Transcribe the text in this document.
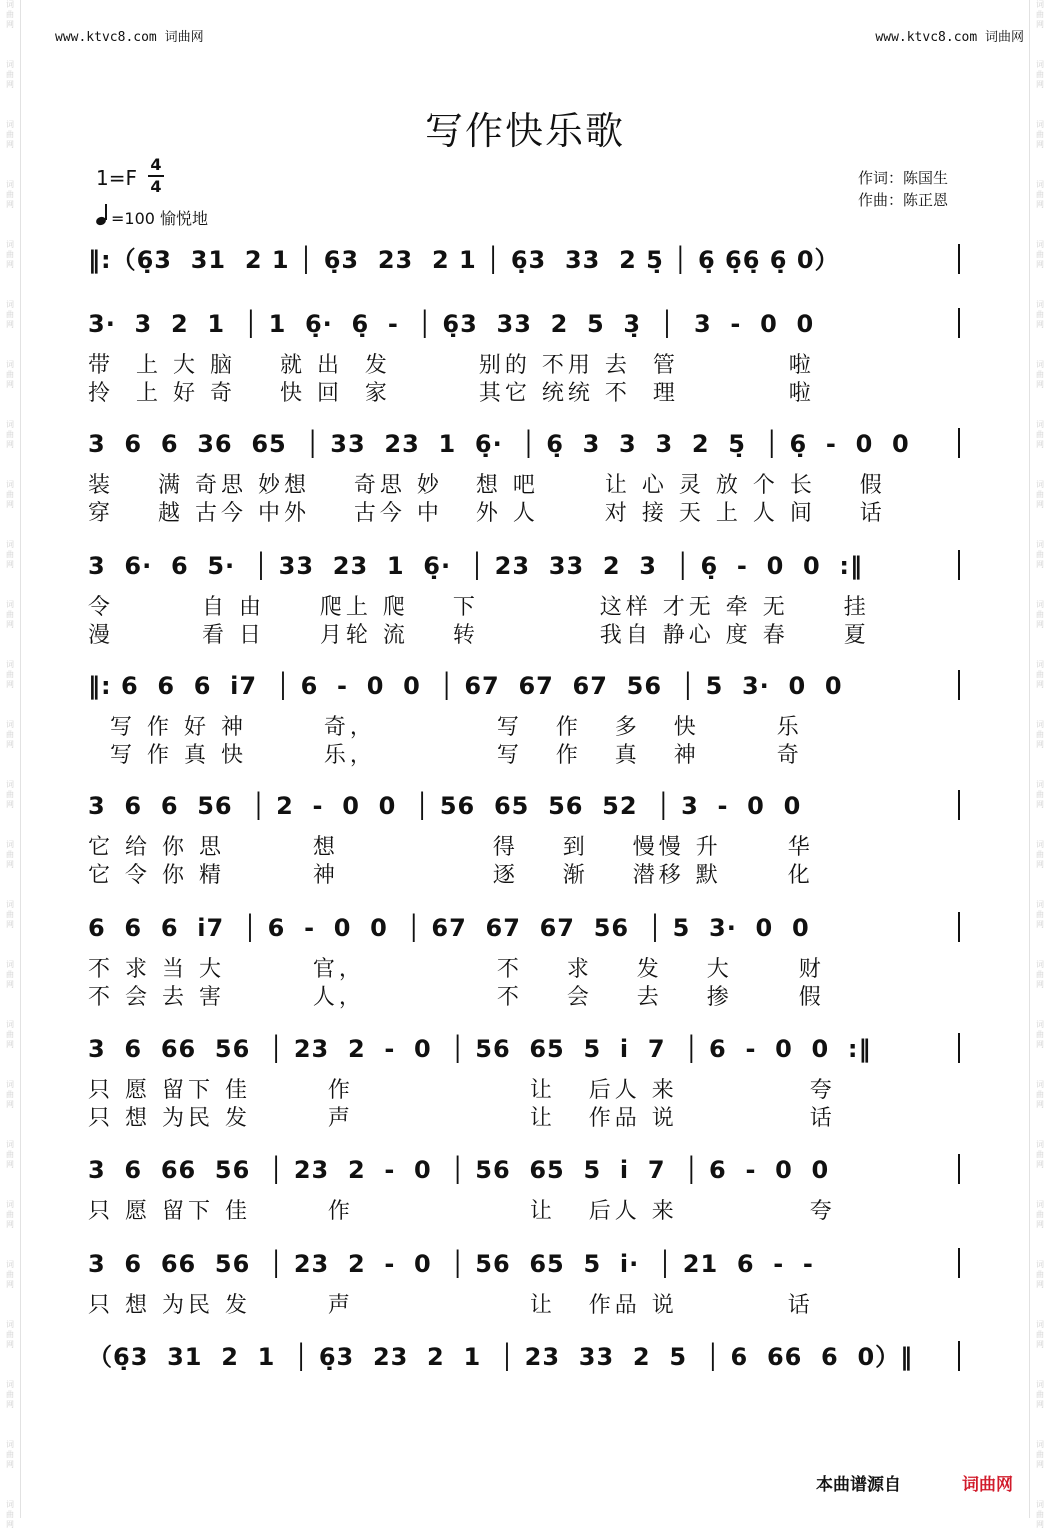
词
曲
网
词
曲
网
词
曲
网
词
曲
网
词
曲
网
词
曲
网
词
曲
网
词
曲
网
词
曲
网
词
曲
网
词
曲
网
词
曲
网
词
曲
网
词
曲
网
词
曲
网
词
曲
网
词
曲
网
词
曲
网
词
曲
网
词
曲
网
词
曲
网
词
曲
网
词
曲
网
词
曲
网
词
曲
网
词
曲
网
词
曲
网
词
曲
网
词
曲
网
词
曲
网
词
曲
网
词
曲
网
词
曲
网
词
曲
网
词
曲
网
词
曲
网
词
曲
网
词
曲
网
词
曲
网
词
曲
网
词
曲
网
词
曲
网
词
曲
网
词
曲
网
词
曲
网
词
曲
网
词
曲
网
词
曲
网
词
曲
网
词
曲
网
词
曲
网
词
曲
网
www.ktvc8.com 词曲网	www.ktvc8.com 词曲网
写作快乐歌
1=F
4
4
=100 愉悦地
作词：陈国生
作曲：陈正恩
‖:（6̣3  31  2 1 │ 6̣3  23  2 1 │ 6̣3  33  2 5̣ │ 6̣ 6̣6̣ 6̣ 0）
3·  3  2  1  │ 1  6̣·  6̣  -  │ 6̣3  33  2  5  3̣  │  3  -  0  0
带  上 大 脑    就 出  发        别的 不用 去  管          啦
拎  上 好 奇    快 回  家        其它 统统 不  理          啦
3  6  6  36  65  │ 33  23  1  6̣·  │ 6̣  3  3  3  2  5̣  │ 6̣  -  0  0
装    满 奇思 妙想    奇思 妙   想 吧      让 心 灵 放 个 长    假
穿    越 古今 中外    古今 中   外 人      对 接 天 上 人 间    话
3  6·  6  5·  │ 33  23  1  6̣·  │ 23  33  2  3  │ 6̣  -  0  0  :‖
令        自 由     爬上 爬    下           这样 才无 牵 无     挂
漫        看 日     月轮 流    转           我自 静心 度 春     夏
‖: 6  6  6  i7  │ 6  -  0  0  │ 67  67  67  56  │ 5  3·  0  0
写 作 好 神       奇，           写   作   多   快       乐
写 作 真 快       乐，           写   作   真   神       奇
3  6  6  56  │ 2  -  0  0  │ 56  65  56  52  │ 3  -  0  0
它 给 你 思        想              得    到    慢慢 升      华
它 令 你 精        神              逐    渐    潜移 默      化
6  6  6  i7  │ 6  -  0  0  │ 67  67  67  56  │ 5  3·  0  0
不 求 当 大        官，            不    求    发    大      财
不 会 去 害        人，            不    会    去    掺      假
3  6  66  56  │ 23  2  -  0  │ 56  65  5  i  7  │ 6  -  0  0  :‖
只 愿 留下 佳       作                让   后人 来            夸
只 想 为民 发       声                让   作品 说            话
3  6  66  56  │ 23  2  -  0  │ 56  65  5  i  7  │ 6  -  0  0
只 愿 留下 佳       作                让   后人 来            夸
3  6  66  56  │ 23  2  -  0  │ 56  65  5  i·  │ 21  6  -  -
只 想 为民 发       声                让   作品 说          话
（6̣3  31  2  1  │ 6̣3  23  2  1  │ 23  33  2  5  │ 6  66  6  0）‖
本曲谱源自	词曲网
